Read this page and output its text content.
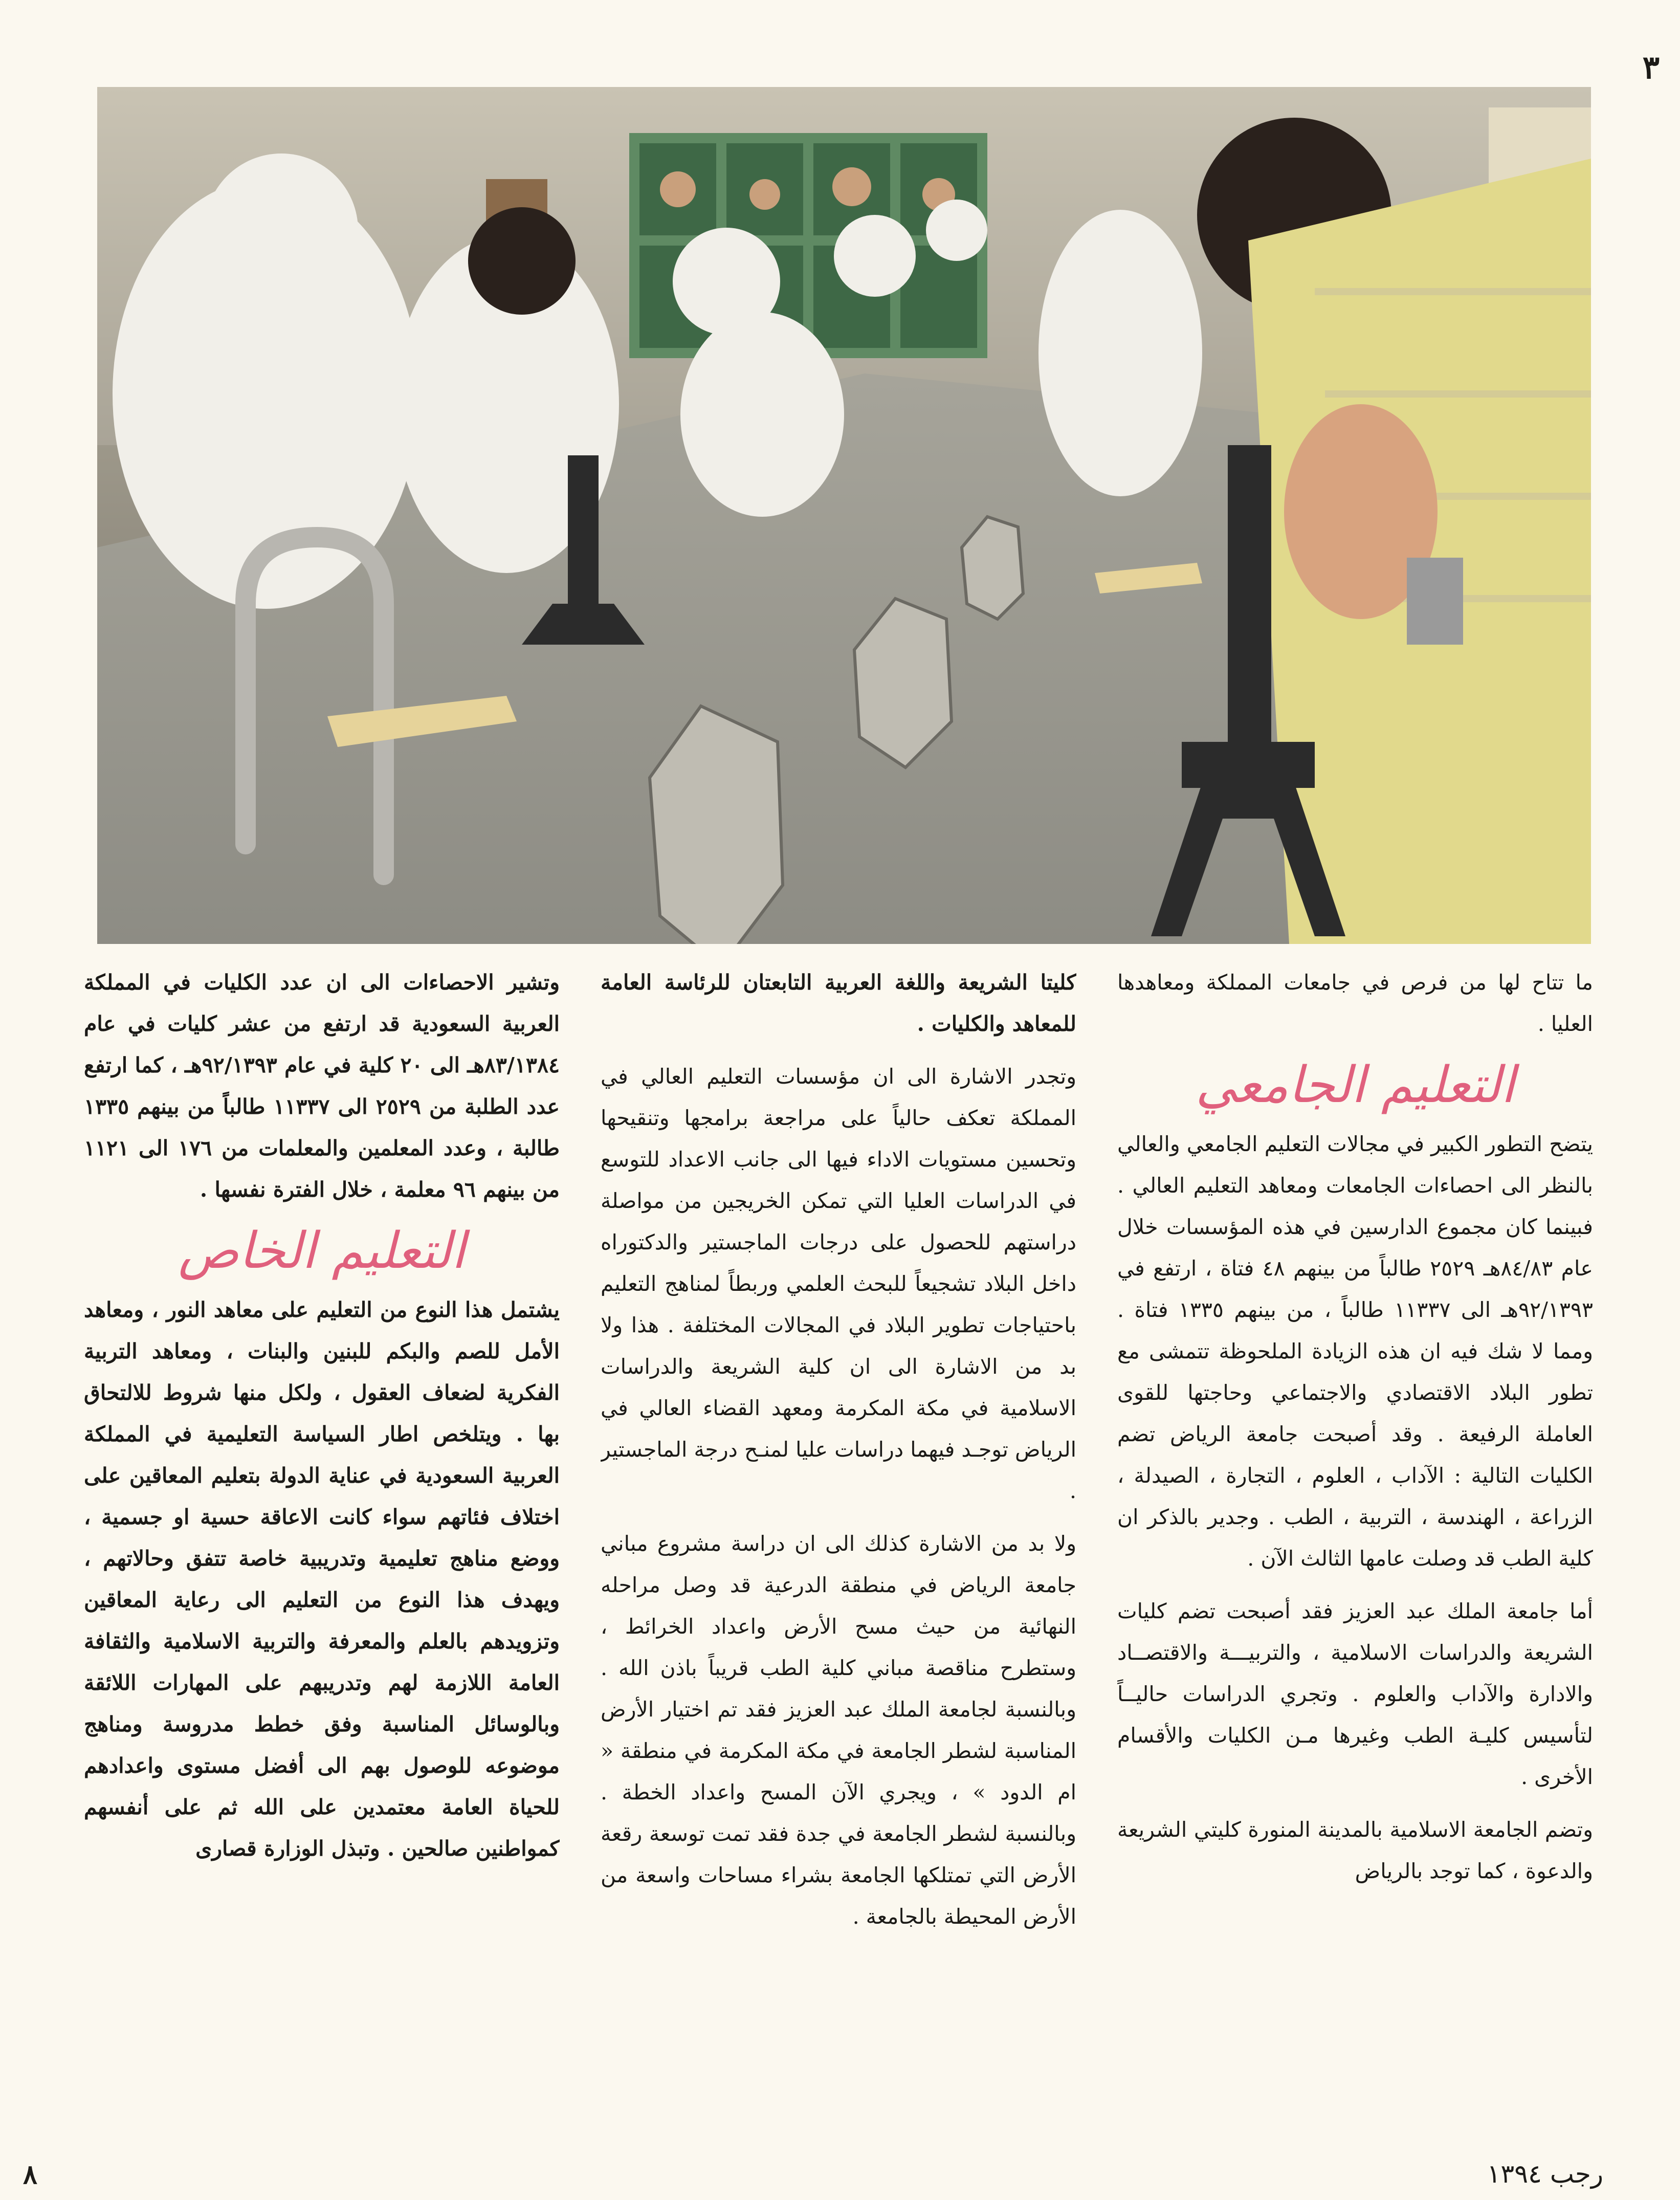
٣

ما تتاح لها من فرص في جامعات المملكة ومعاهدها العليا .

التعليم الجامعي

يتضح التطور الكبير في مجالات التعليم الجامعي والعالي بالنظر الى احصاءات الجامعات ومعاهد التعليم العالي . فبينما كان مجموع الدارسين في هذه المؤسسات خلال عام ٨٤/٨٣هـ ٢٥٢٩ طالباً من بينهم ٤٨ فتاة ، ارتفع في ٩٢/١٣٩٣هـ الى ١١٣٣٧ طالباً ، من بينهم ١٣٣٥ فتاة . ومما لا شك فيه ان هذه الزيادة الملحوظة تتمشى مع تطور البلاد الاقتصادي والاجتماعي وحاجتها للقوى العاملة الرفيعة . وقد أصبحت جامعة الرياض تضم الكليات التالية : الآداب ، العلوم ، التجارة ، الصيدلة ، الزراعة ، الهندسة ، التربية ، الطب . وجدير بالذكر ان كلية الطب قد وصلت عامها الثالث الآن .

أما جامعة الملك عبد العزيز فقد أصبحت تضم كليات الشريعة والدراسات الاسلامية ، والتربيـــة والاقتصــاد والادارة والآداب والعلوم . وتجري الدراسات حاليــاً لتأسيس كليـة الطب وغيرها مـن الكليات والأقسام الأخرى .

وتضم الجامعة الاسلامية بالمدينة المنورة كليتي الشريعة والدعوة ، كما توجد بالرياض

كليتا الشريعة واللغة العربية التابعتان للرئاسة العامة للمعاهد والكليات .

وتجدر الاشارة الى ان مؤسسات التعليم العالي في المملكة تعكف حالياً على مراجعة برامجها وتنقيحها وتحسين مستويات الاداء فيها الى جانب الاعداد للتوسع في الدراسات العليا التي تمكن الخريجين من مواصلة دراستهم للحصول على درجات الماجستير والدكتوراه داخل البلاد تشجيعاً للبحث العلمي وربطاً لمناهج التعليم باحتياجات تطوير البلاد في المجالات المختلفة . هذا ولا بد من الاشارة الى ان كلية الشريعة والدراسات الاسلامية في مكة المكرمة ومعهد القضاء العالي في الرياض توجـد فيهما دراسات عليا لمنـح درجة الماجستير .

ولا بد من الاشارة كذلك الى ان دراسة مشروع مباني جامعة الرياض في منطقة الدرعية قد وصل مراحله النهائية من حيث مسح الأرض واعداد الخرائط ، وستطرح مناقصة مباني كلية الطب قريباً باذن الله . وبالنسبة لجامعة الملك عبد العزيز فقد تم اختيار الأرض المناسبة لشطر الجامعة في مكة المكرمة في منطقة « ام الدود » ، ويجري الآن المسح واعداد الخطة . وبالنسبة لشطر الجامعة في جدة فقد تمت توسعة رقعة الأرض التي تمتلكها الجامعة بشراء مساحات واسعة من الأرض المحيطة بالجامعة .

وتشير الاحصاءات الى ان عدد الكليات في المملكة العربية السعودية قد ارتفع من عشر كليات في عام ٨٣/١٣٨٤هـ الى ٢٠ كلية في عام ٩٢/١٣٩٣هـ ، كما ارتفع عدد الطلبة من ٢٥٢٩ الى ١١٣٣٧ طالباً من بينهم ١٣٣٥ طالبة ، وعدد المعلمين والمعلمات من ١٧٦ الى ١١٢١ من بينهم ٩٦ معلمة ، خلال الفترة نفسها .

التعليم الخاص

يشتمل هذا النوع من التعليم على معاهد النور ، ومعاهد الأمل للصم والبكم للبنين والبنات ، ومعاهد التربية الفكرية لضعاف العقول ، ولكل منها شروط للالتحاق بها . ويتلخص اطار السياسة التعليمية في المملكة العربية السعودية في عناية الدولة بتعليم المعاقين على اختلاف فئاتهم سواء كانت الاعاقة حسية او جسمية ، ووضع مناهج تعليمية وتدريبية خاصة تتفق وحالاتهم ، ويهدف هذا النوع من التعليم الى رعاية المعاقين وتزويدهم بالعلم والمعرفة والتربية الاسلامية والثقافة العامة اللازمة لهم وتدريبهم على المهارات اللائقة وبالوسائل المناسبة وفق خطط مدروسة ومناهج موضوعه للوصول بهم الى أفضل مستوى واعدادهم للحياة العامة معتمدين على الله ثم على أنفسهم كمواطنين صالحين . وتبذل الوزارة قصارى

رجب ١٣٩٤
٨
